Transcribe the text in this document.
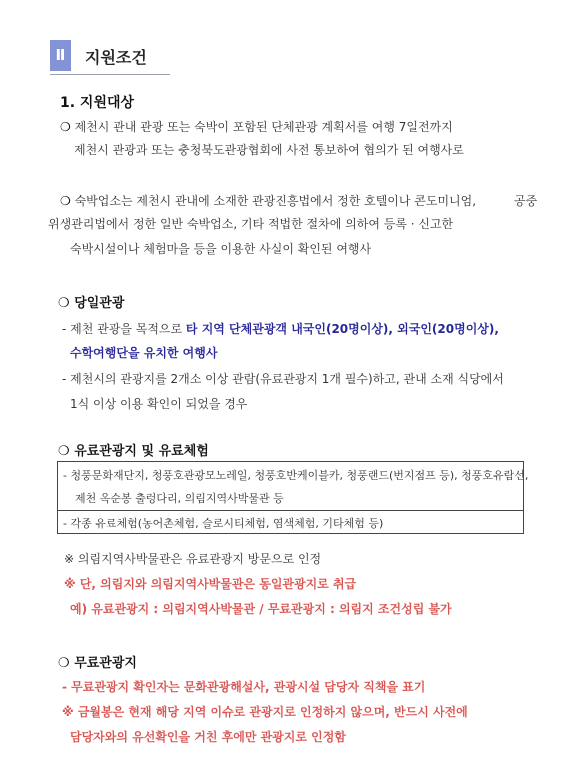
Ⅱ	지원조건
1. 지원대상
❍ 제천시 관내 관광 또는 숙박이 포함된 단체관광 계획서를 여행 7일전까지
제천시 관광과 또는 충청북도관광협회에 사전 통보하여 협의가 된 여행사로
❍ 숙박업소는 제천시 관내에 소재한 관광진흥법에서 정한 호텔이나 콘도미니엄,	공중
위생관리법에서 정한 일반 숙박업소, 기타 적법한 절차에 의하여 등록 · 신고한
숙박시설이나 체험마을 등을 이용한 사실이 확인된 여행사
❍ 당일관광
- 제천 관광을 목적으로 타 지역 단체관광객 내국인(20명이상), 외국인(20명이상),
수학여행단을 유치한 여행사
- 제천시의 관광지를 2개소 이상 관람(유료관광지 1개 필수)하고, 관내 소재 식당에서
1식 이상 이용 확인이 되었을 경우
❍ 유료관광지 및 유료체험
- 청풍문화재단지, 청풍호관광모노레일, 청풍호반케이블카, 청풍랜드(번지점프 등), 청풍호유람선,
제천 옥순봉 출렁다리, 의림지역사박물관 등
- 각종 유료체험(농어촌체험, 슬로시티체험, 염색체험, 기타체험 등)
※ 의림지역사박물관은 유료관광지 방문으로 인정
※ 단, 의림지와 의림지역사박물관은 동일관광지로 취급
예) 유료관광지 : 의림지역사박물관 / 무료관광지 : 의림지 조건성립 불가
❍ 무료관광지
- 무료관광지 확인자는 문화관광해설사, 관광시설 담당자 직책을 표기
※ 금월봉은 현재 해당 지역 이슈로 관광지로 인정하지 않으며, 반드시 사전에
담당자와의 유선확인을 거친 후에만 관광지로 인정함
